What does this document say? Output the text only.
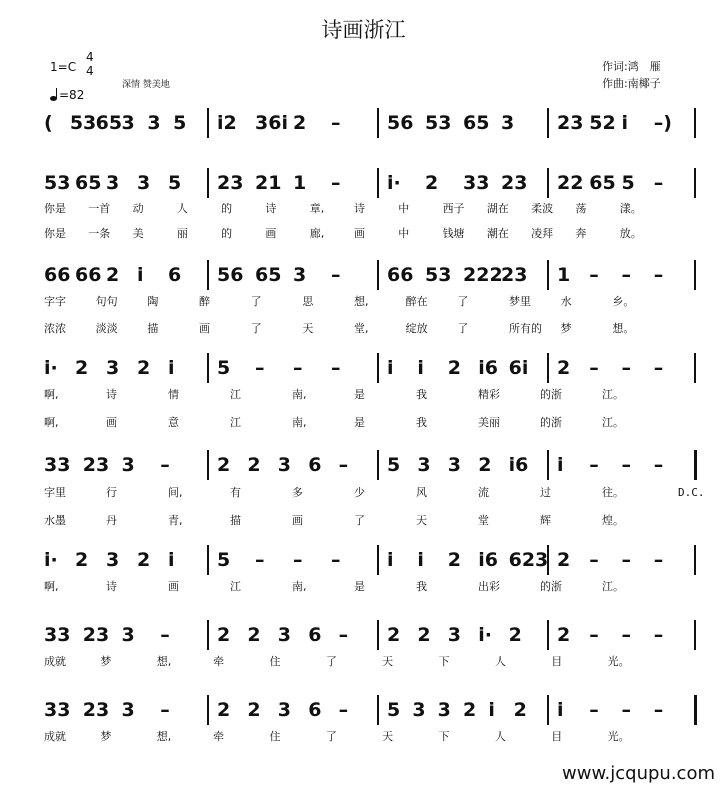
诗画浙江
1=C
4
4
=82
深情 赞美地
作词:鸿　雁
作曲:南椰子
D.C.
www.jcqupu.com
( 53 65 3 3 5 i2 36i 2 – 56 53 65 3 23 52 i –)
53 65 3 3 5 23 21 1 – i· 2 33 23 22 65 5 –
你是 一首 动	人	的	诗	章,	诗	中	西子 湖在 柔波 荡	漾。
你是 一条 美	丽	的	画	廊,	画	中	钱塘 潮在 凌拜 奔	放。
66 66 2 i 6 56 65 3 – 66 53 222
23 1 – – –
字字	句句	陶	醉	了	思	想,	醉在	了	梦里	水	乡。
浓浓	淡淡	描	画	了	天	堂,	绽放	了	所有的 梦	想。
i· 2 3 2 i 5 – – – i i 2 i6 6i 2 – – –
啊,	诗	情	江	南,	是	我	精彩	的浙	江。
啊,	画	意	江	南,	是	我	美丽	的浙	江。
33 23 3 – 2 2 3 6 – 5 3 3 2 i6 i – – –
字里	行	间,	有	多	少	风	流	过	往。
水墨	丹	青,	描	画	了	天	堂	辉	煌。
i· 2 3 2 i 5 – – – i i 2 i6 623 2 – – –
啊,	诗	画	江	南,	是	我	出彩	的浙	江。
33 23 3 – 2 2 3 6 – 2 2 3 i· 2 2 – – –
成就	梦	想,	牵	住	了	天	下	人	目	光。
33 23 3 – 2 2 3 6 – 5 3 3 2 i 2 i – – –
成就	梦	想,	牵	住	了	天	下	人	目	光。
